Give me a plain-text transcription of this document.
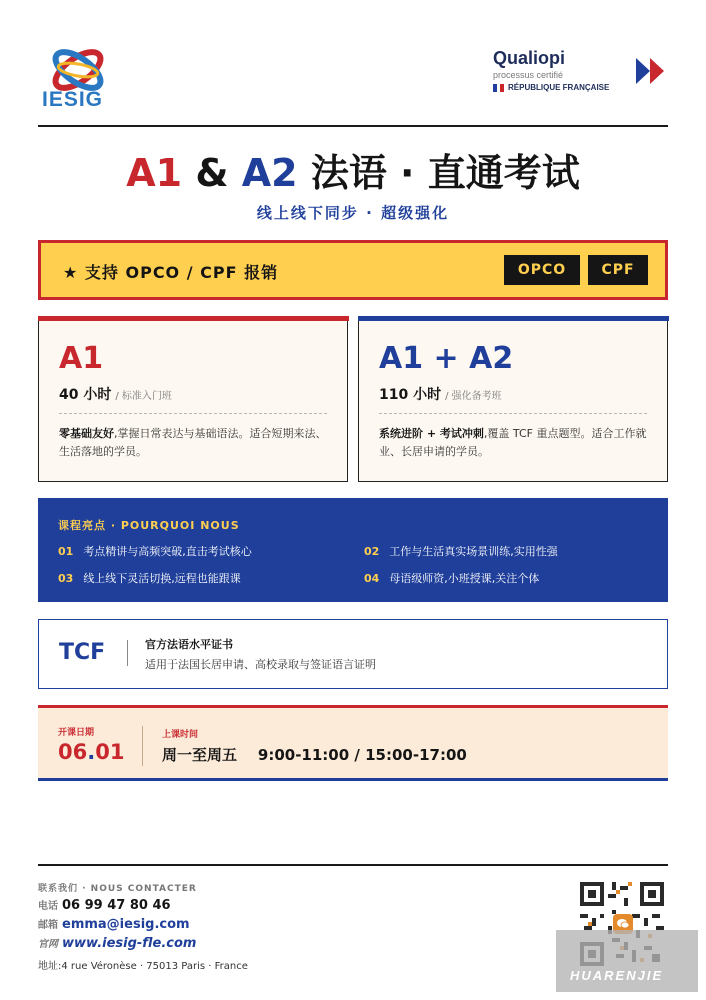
IESIG
Qualiopi
processus certifié
RÉPUBLIQUE FRANÇAISE
A1 & A2 法语 · 直通考试
线上线下同步 · 超级强化
★ 支持 OPCO / CPF 报销	OPCO	CPF
A1
40 小时 / 标准入门班
零基础友好,掌握日常表达与基础语法。适合短期来法、生活落地的学员。
A1 + A2
110 小时 / 强化备考班
系统进阶 + 考试冲刺,覆盖 TCF 重点题型。适合工作就业、长居申请的学员。
课程亮点 · POURQUOI NOUS
01 考点精讲与高频突破,直击考试核心	02 工作与生活真实场景训练,实用性强
03 线上线下灵活切换,远程也能跟课	04 母语级师资,小班授课,关注个体
TCF	官方法语水平证书
适用于法国长居申请、高校录取与签证语言证明
开课日期
06.01
上课时间
周一至周五    9:00-11:00 / 15:00-17:00
联系我们 · NOUS CONTACTER
电话 06 99 47 80 46
邮箱 emma@iesig.com
官网 www.iesig-fle.com
地址:4 rue Véronèse · 75013 Paris · France
HUARENJIE
